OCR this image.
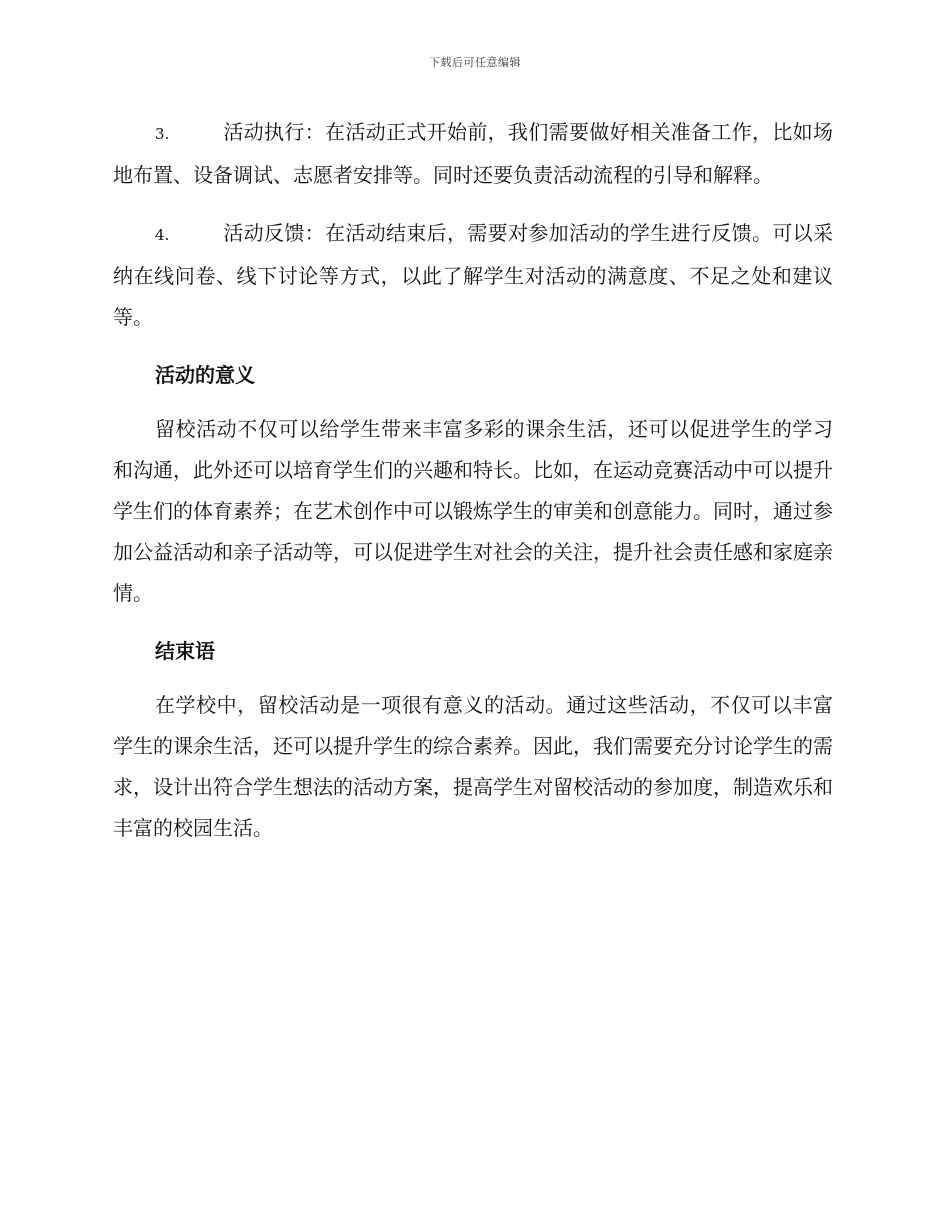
下载后可任意编辑

3.	活动执行：在活动正式开始前，我们需要做好相关准备工作，比如场地布置、设备调试、志愿者安排等。同时还要负责活动流程的引导和解释。

4.	活动反馈：在活动结束后，需要对参加活动的学生进行反馈。可以采纳在线问卷、线下讨论等方式，以此了解学生对活动的满意度、不足之处和建议等。

活动的意义

留校活动不仅可以给学生带来丰富多彩的课余生活，还可以促进学生的学习和沟通，此外还可以培育学生们的兴趣和特长。比如，在运动竞赛活动中可以提升学生们的体育素养；在艺术创作中可以锻炼学生的审美和创意能力。同时，通过参加公益活动和亲子活动等，可以促进学生对社会的关注，提升社会责任感和家庭亲情。

结束语

在学校中，留校活动是一项很有意义的活动。通过这些活动，不仅可以丰富学生的课余生活，还可以提升学生的综合素养。因此，我们需要充分讨论学生的需求，设计出符合学生想法的活动方案，提高学生对留校活动的参加度，制造欢乐和丰富的校园生活。
